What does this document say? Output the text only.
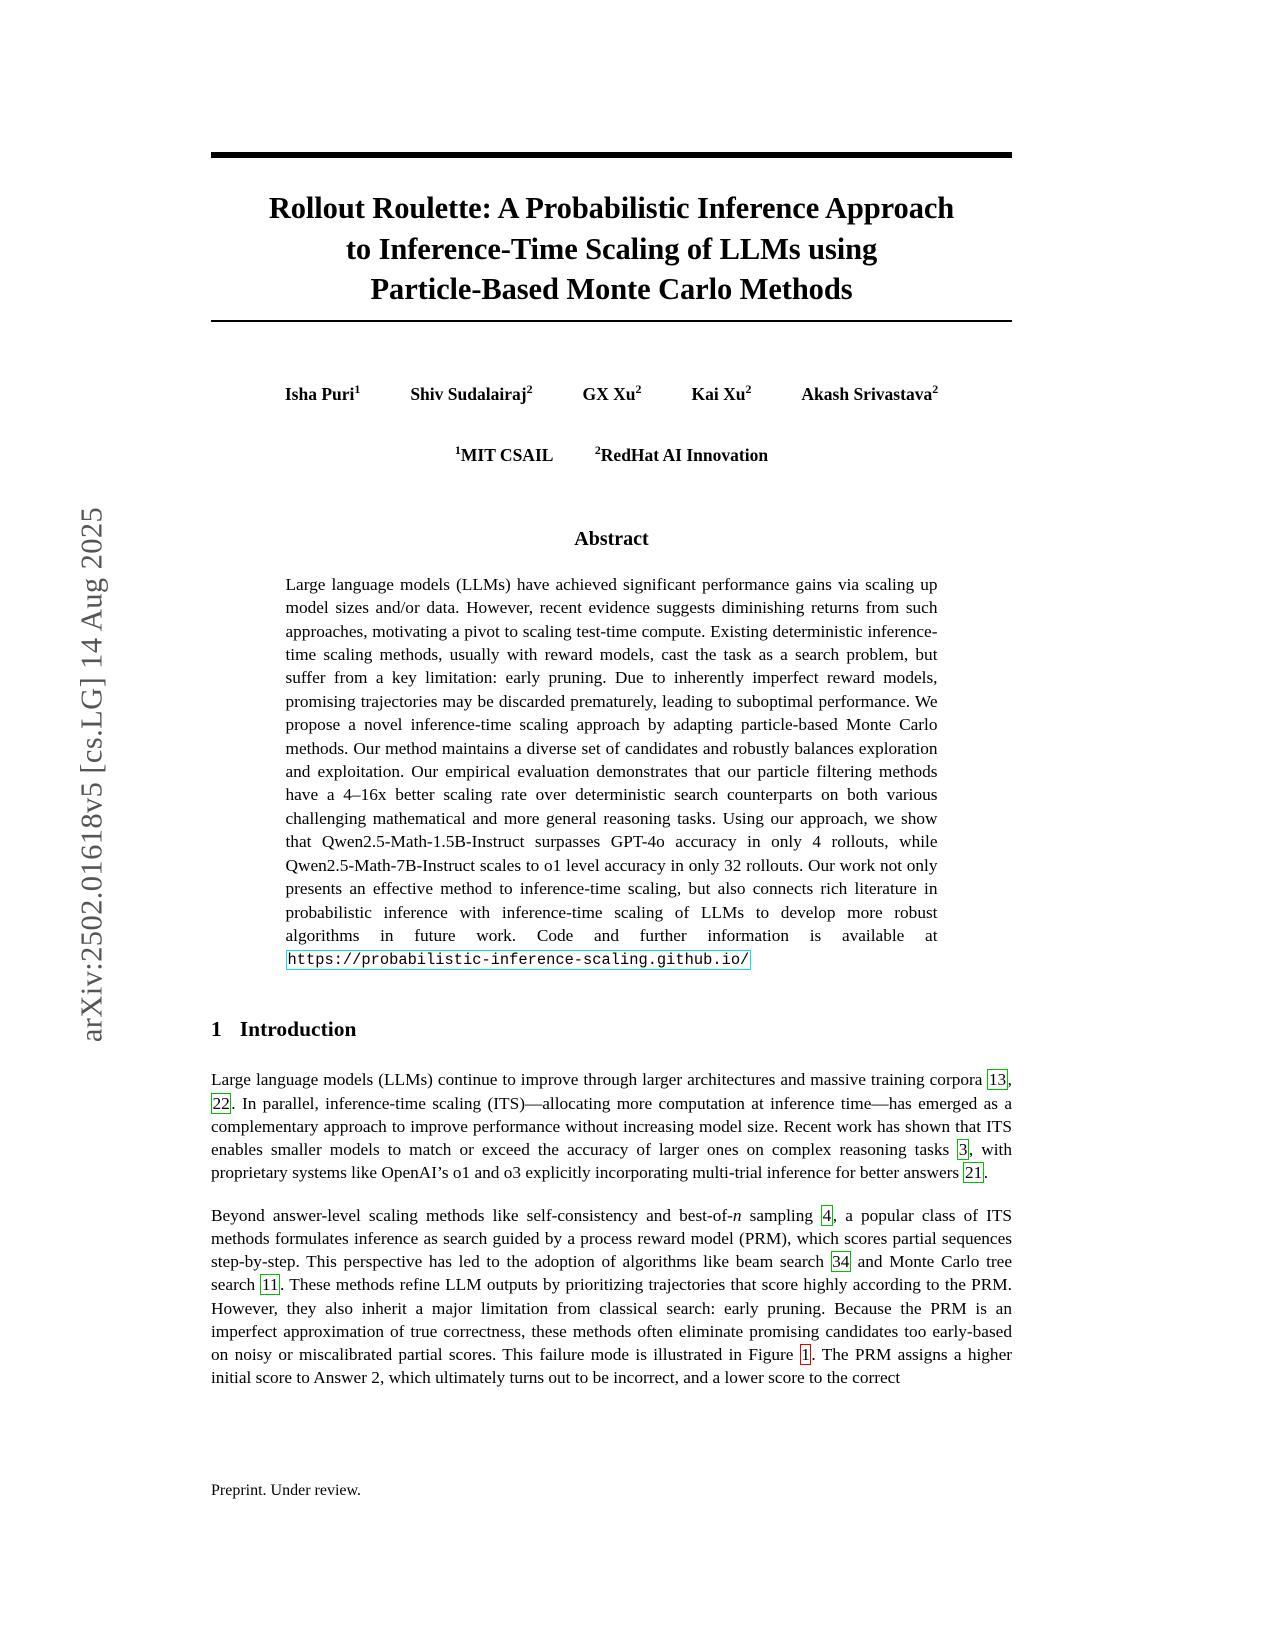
arXiv:2502.01618v5 [cs.LG] 14 Aug 2025
Rollout Roulette: A Probabilistic Inference Approach
to Inference-Time Scaling of LLMs using
Particle-Based Monte Carlo Methods
Isha Puri$^1$	Shiv Sudalairaj$^2$	GX Xu$^2$	Kai Xu$^2$	Akash Srivastava$^2$
$^1$MIT CSAIL	$^2$RedHat AI Innovation
Abstract
Large language models (LLMs) have achieved significant performance gains via scaling up model sizes and/or data. However, recent evidence suggests diminishing returns from such approaches, motivating a pivot to scaling test-time compute. Existing deterministic inference-time scaling methods, usually with reward models, cast the task as a search problem, but suffer from a key limitation: early pruning. Due to inherently imperfect reward models, promising trajectories may be discarded prematurely, leading to suboptimal performance. We propose a novel inference-time scaling approach by adapting particle-based Monte Carlo methods. Our method maintains a diverse set of candidates and robustly balances exploration and exploitation. Our empirical evaluation demonstrates that our particle filtering methods have a 4–16x better scaling rate over deterministic search counterparts on both various challenging mathematical and more general reasoning tasks. Using our approach, we show that Qwen2.5-Math-1.5B-Instruct surpasses GPT-4o accuracy in only 4 rollouts, while Qwen2.5-Math-7B-Instruct scales to o1 level accuracy in only 32 rollouts. Our work not only presents an effective method to inference-time scaling, but also connects rich literature in probabilistic inference with inference-time scaling of LLMs to develop more robust algorithms in future work. Code and further information is available at https://probabilistic-inference-scaling.github.io/
1 Introduction
Large language models (LLMs) continue to improve through larger architectures and massive training corpora 13, 22. In parallel, inference-time scaling (ITS)—allocating more computation at inference time—has emerged as a complementary approach to improve performance without increasing model size. Recent work has shown that ITS enables smaller models to match or exceed the accuracy of larger ones on complex reasoning tasks 3, with proprietary systems like OpenAI’s o1 and o3 explicitly incorporating multi-trial inference for better answers 21.
Beyond answer-level scaling methods like self-consistency and best-of-n sampling 4, a popular class of ITS methods formulates inference as search guided by a process reward model (PRM), which scores partial sequences step-by-step. This perspective has led to the adoption of algorithms like beam search 34 and Monte Carlo tree search 11. These methods refine LLM outputs by prioritizing trajectories that score highly according to the PRM. However, they also inherit a major limitation from classical search: early pruning. Because the PRM is an imperfect approximation of true correctness, these methods often eliminate promising candidates too early-based on noisy or miscalibrated partial scores. This failure mode is illustrated in Figure 1. The PRM assigns a higher initial score to Answer 2, which ultimately turns out to be incorrect, and a lower score to the correct
Preprint. Under review.
